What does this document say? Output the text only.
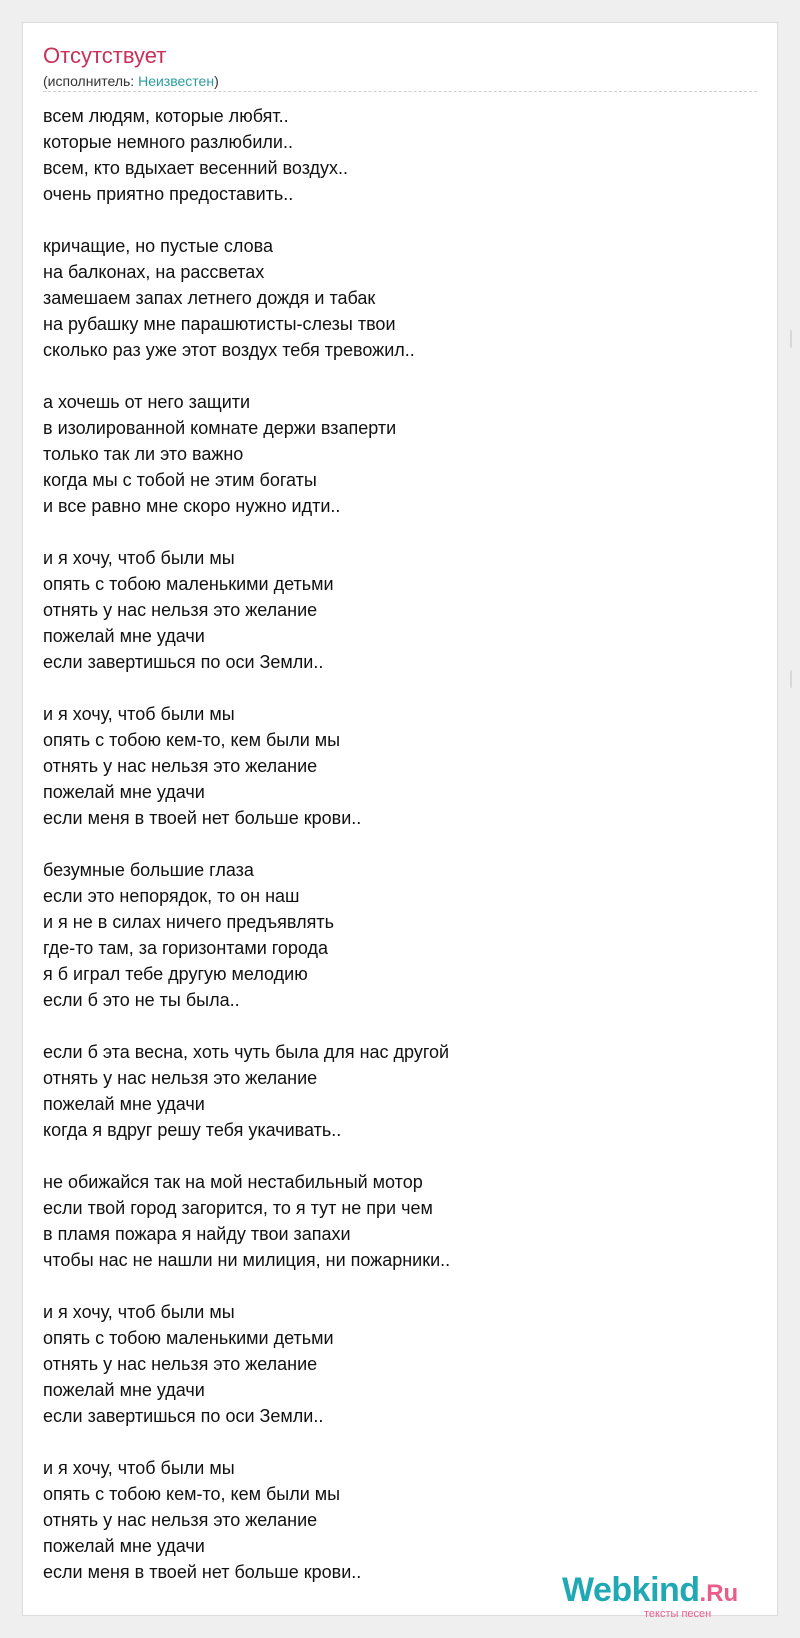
Отсутствует
(исполнитель: Неизвестен)
всем людям, которые любят..
которые немного разлюбили..
всем, кто вдыхает весенний воздух..
очень приятно предоставить..
кричащие, но пустые слова
на балконах, на рассветах
замешаем запах летнего дождя и табак
на рубашку мне парашютисты-слезы твои
сколько раз уже этот воздух тебя тревожил..
а хочешь от него защити
в изолированной комнате держи взаперти
только так ли это важно
когда мы с тобой не этим богаты
и все равно мне скоро нужно идти..
и я хочу, чтоб были мы
опять с тобою маленькими детьми
отнять у нас нельзя это желание
пожелай мне удачи
если завертишься по оси Земли..
и я хочу, чтоб были мы
опять с тобою кем-то, кем были мы
отнять у нас нельзя это желание
пожелай мне удачи
если меня в твоей нет больше крови..
безумные большие глаза
если это непорядок, то он наш
и я не в силах ничего предъявлять
где-то там, за горизонтами города
я б играл тебе другую мелодию
если б это не ты была..
если б эта весна, хоть чуть была для нас другой
отнять у нас нельзя это желание
пожелай мне удачи
когда я вдруг решу тебя укачивать..
не обижайся так на мой нестабильный мотор
если твой город загорится, то я тут не при чем
в пламя пожара я найду твои запахи
чтобы нас не нашли ни милиция, ни пожарники..
и я хочу, чтоб были мы
опять с тобою маленькими детьми
отнять у нас нельзя это желание
пожелай мне удачи
если завертишься по оси Земли..
и я хочу, чтоб были мы
опять с тобою кем-то, кем были мы
отнять у нас нельзя это желание
пожелай мне удачи
если меня в твоей нет больше крови..	Webkind.Ru
тексты песен
